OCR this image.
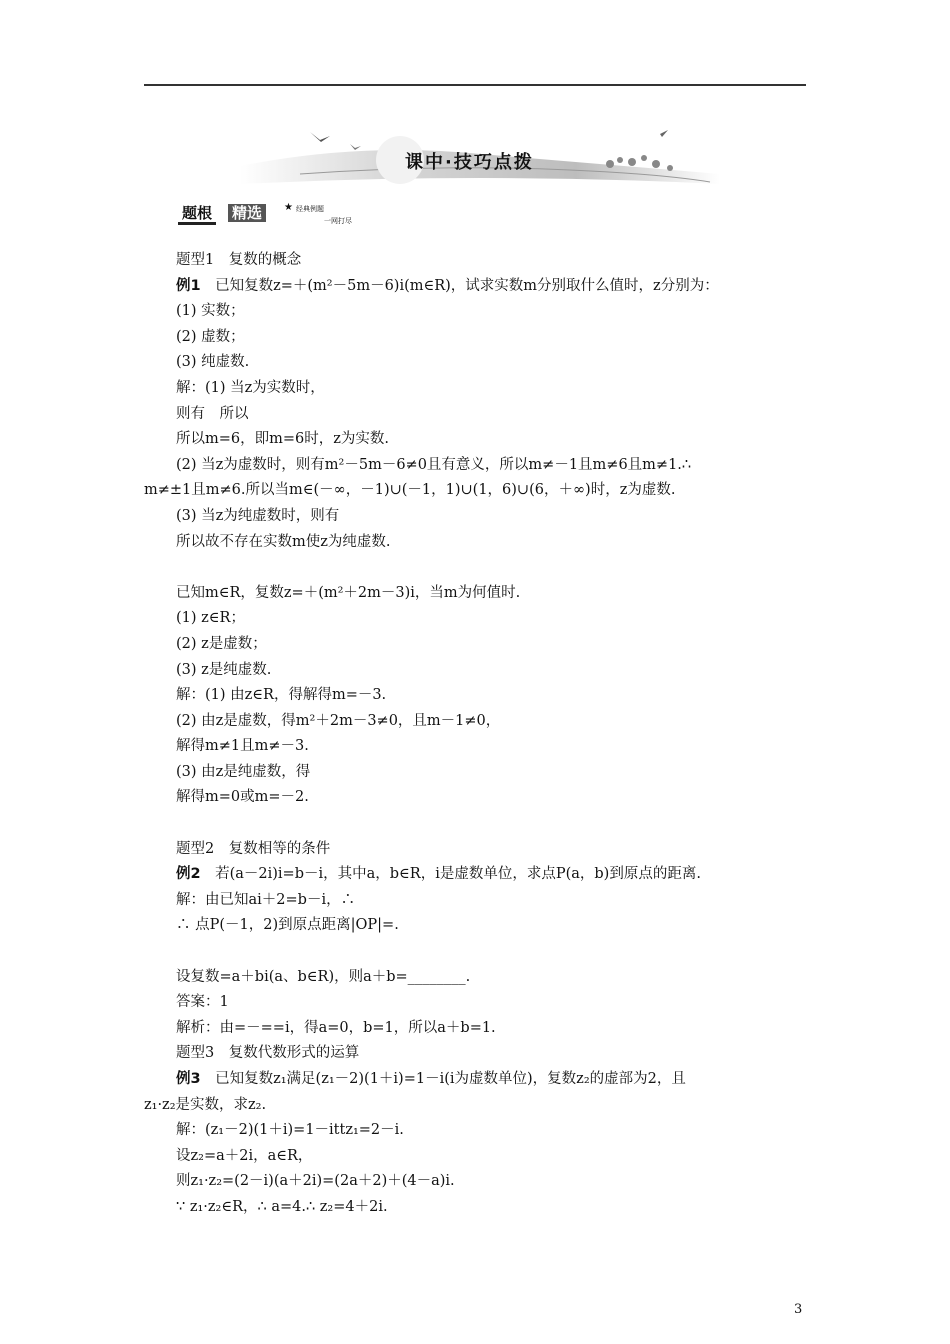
课中·技巧点拨
题根 精选	★ 经典例题
一网打尽
题型1　复数的概念
例1　已知复数z=＋(m²－5m－6)i(m∈R)，试求实数m分别取什么值时，z分别为：
(1) 实数；
(2) 虚数；
(3) 纯虚数.
解：(1) 当z为实数时，
则有　所以
所以m=6，即m=6时，z为实数.
(2) 当z为虚数时，则有m²－5m－6≠0且有意义，所以m≠－1且m≠6且m≠1.∴
m≠±1且m≠6.所以当m∈(－∞，－1)∪(－1，1)∪(1，6)∪(6，＋∞)时，z为虚数.
(3) 当z为纯虚数时，则有
所以故不存在实数m使z为纯虚数.
已知m∈R，复数z=＋(m²＋2m－3)i，当m为何值时.
(1) z∈R；
(2) z是虚数；
(3) z是纯虚数.
解：(1) 由z∈R，得解得m=－3.
(2) 由z是虚数，得m²＋2m－3≠0，且m－1≠0，
解得m≠1且m≠－3.
(3) 由z是纯虚数，得
解得m=0或m=－2.
题型2　复数相等的条件
例2　若(a－2i)i=b－i，其中a，b∈R，i是虚数单位，求点P(a，b)到原点的距离.
解：由已知ai＋2=b－i，∴
∴ 点P(－1，2)到原点距离|OP|=.
设复数=a＋bi(a、b∈R)，则a＋b=________.
答案：1
解析：由=－==i，得a=0，b=1，所以a＋b=1.
题型3　复数代数形式的运算
例3　已知复数z₁满足(z₁－2)(1＋i)=1－i(i为虚数单位)，复数z₂的虚部为2，且
z₁·z₂是实数，求z₂.
解：(z₁－2)(1＋i)=1－ittz₁=2－i.
设z₂=a＋2i，a∈R，
则z₁·z₂=(2－i)(a＋2i)=(2a＋2)＋(4－a)i.
∵ z₁·z₂∈R，∴ a=4.∴ z₂=4＋2i.
3
